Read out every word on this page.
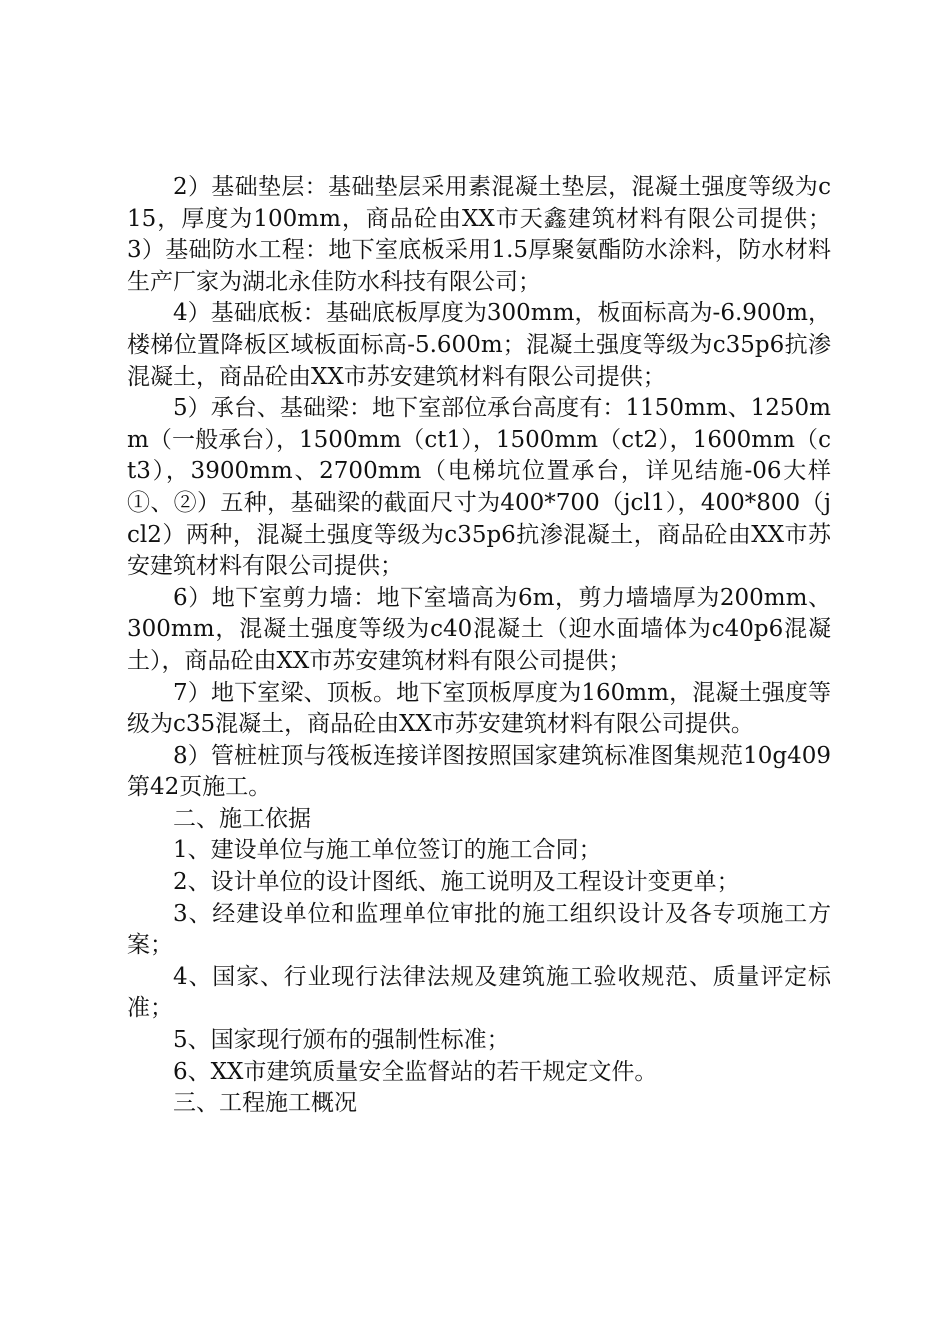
2）基础垫层：基础垫层采用素混凝土垫层，混凝土强度等级为c15，厚度为100mm，商品砼由XX市天鑫建筑材料有限公司提供；3）基础防水工程：地下室底板采用1.5厚聚氨酯防水涂料，防水材料生产厂家为湖北永佳防水科技有限公司；

4）基础底板：基础底板厚度为300mm，板面标高为-6.900m，楼梯位置降板区域板面标高-5.600m；混凝土强度等级为c35p6抗渗混凝土，商品砼由XX市苏安建筑材料有限公司提供；

5）承台、基础梁：地下室部位承台高度有：1150mm、1250mm（一般承台），1500mm（ct1），1500mm（ct2），1600mm（ct3），3900mm、2700mm（电梯坑位置承台，详见结施-06大样①、②）五种，基础梁的截面尺寸为400*700（jcl1），400*800（jcl2）两种，混凝土强度等级为c35p6抗渗混凝土，商品砼由XX市苏安建筑材料有限公司提供；

6）地下室剪力墙：地下室墙高为6m，剪力墙墙厚为200mm、300mm，混凝土强度等级为c40混凝土（迎水面墙体为c40p6混凝土），商品砼由XX市苏安建筑材料有限公司提供；

7）地下室梁、顶板。地下室顶板厚度为160mm，混凝土强度等级为c35混凝土，商品砼由XX市苏安建筑材料有限公司提供。

8）管桩桩顶与筏板连接详图按照国家建筑标准图集规范10g409第42页施工。

二、施工依据

1、建设单位与施工单位签订的施工合同；

2、设计单位的设计图纸、施工说明及工程设计变更单；

3、经建设单位和监理单位审批的施工组织设计及各专项施工方案；

4、国家、行业现行法律法规及建筑施工验收规范、质量评定标准；

5、国家现行颁布的强制性标准；

6、XX市建筑质量安全监督站的若干规定文件。

三、工程施工概况
